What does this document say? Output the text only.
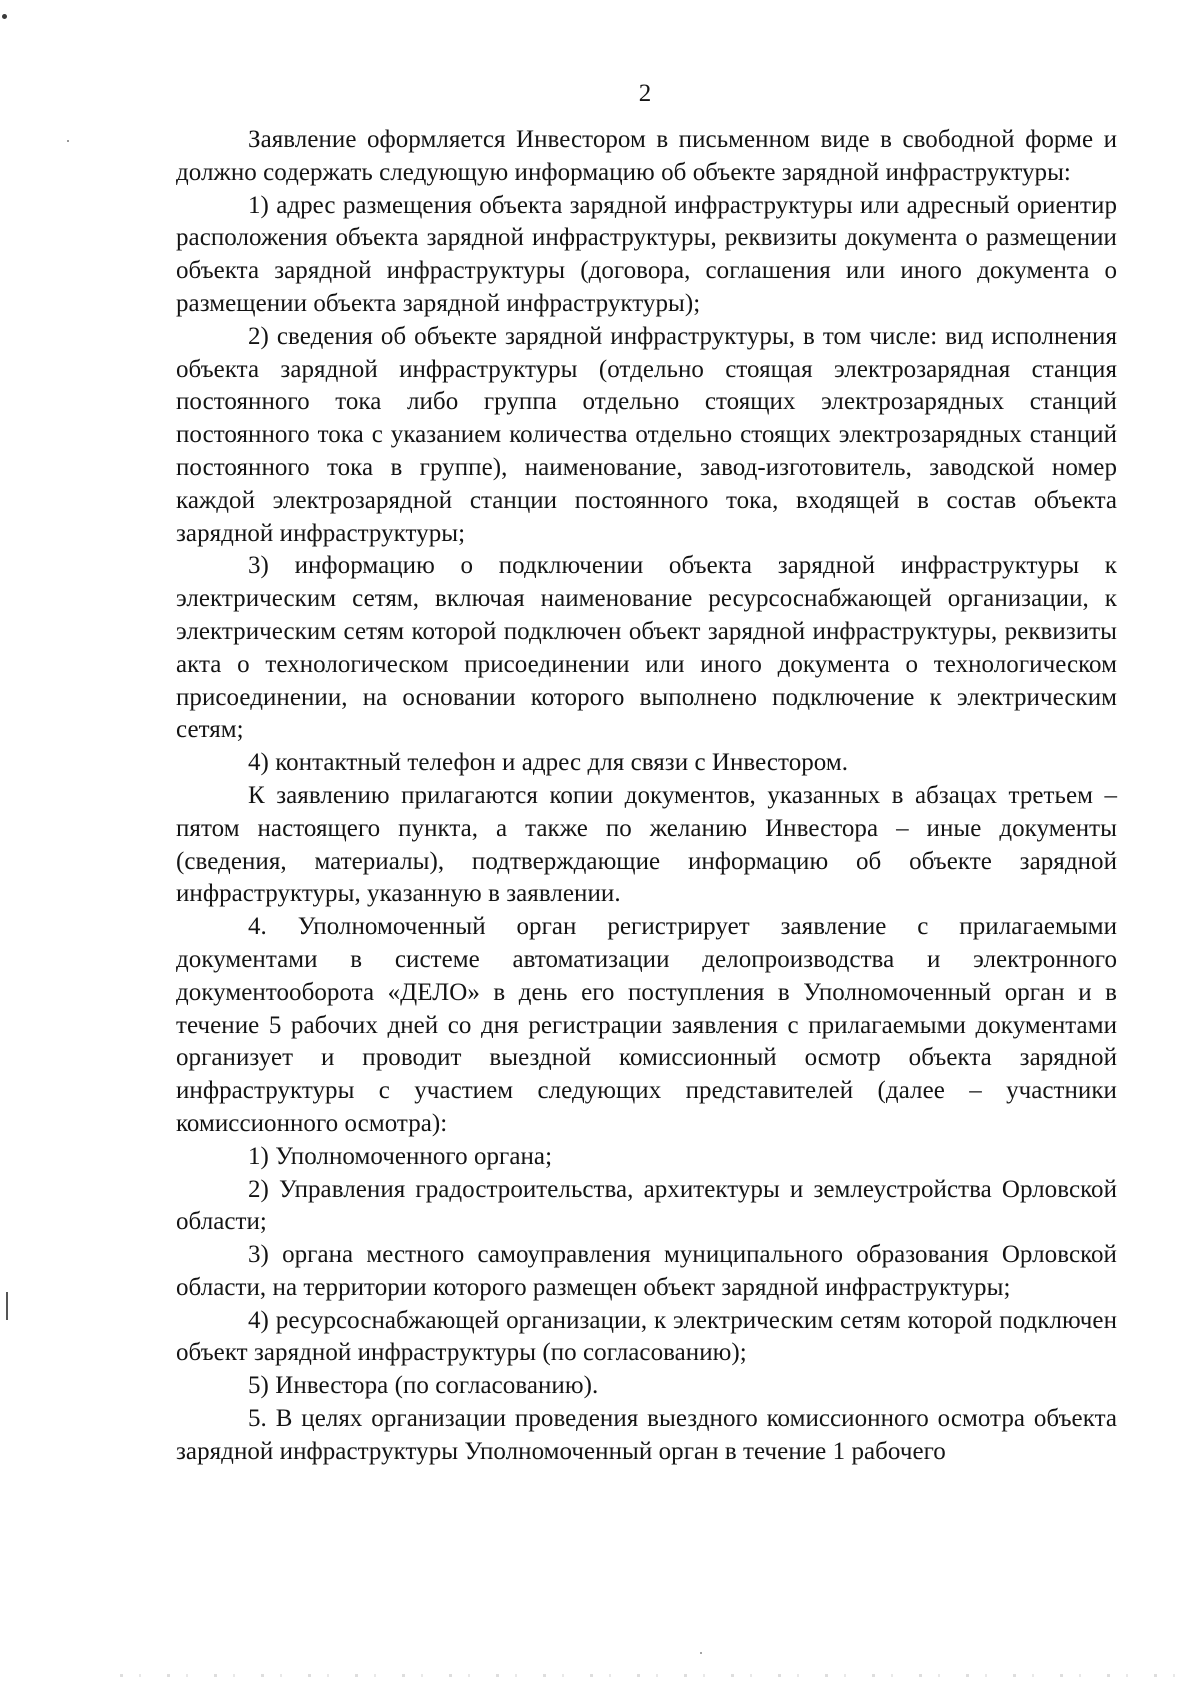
2

Заявление оформляется Инвестором в письменном виде в свободной форме и должно содержать следующую информацию об объекте зарядной инфраструктуры:

1) адрес размещения объекта зарядной инфраструктуры или адресный ориентир расположения объекта зарядной инфраструктуры, реквизиты документа о размещении объекта зарядной инфраструктуры (договора, соглашения или иного документа о размещении объекта зарядной инфраструктуры);

2) сведения об объекте зарядной инфраструктуры, в том числе: вид исполнения объекта зарядной инфраструктуры (отдельно стоящая электрозарядная станция постоянного тока либо группа отдельно стоящих электрозарядных станций постоянного тока с указанием количества отдельно стоящих электрозарядных станций постоянного тока в группе), наименование, завод-изготовитель, заводской номер каждой электрозарядной станции постоянного тока, входящей в состав объекта зарядной инфраструктуры;

3) информацию о подключении объекта зарядной инфраструктуры к электрическим сетям, включая наименование ресурсоснабжающей организации, к электрическим сетям которой подключен объект зарядной инфраструктуры, реквизиты акта о технологическом присоединении или иного документа о технологическом присоединении, на основании которого выполнено подключение к электрическим сетям;

4) контактный телефон и адрес для связи с Инвестором.

К заявлению прилагаются копии документов, указанных в абзацах третьем – пятом настоящего пункта, а также по желанию Инвестора – иные документы (сведения, материалы), подтверждающие информацию об объекте зарядной инфраструктуры, указанную в заявлении.

4. Уполномоченный орган регистрирует заявление с прилагаемыми документами в системе автоматизации делопроизводства и электронного документооборота «ДЕЛО» в день его поступления в Уполномоченный орган и в течение 5 рабочих дней со дня регистрации заявления с прилагаемыми документами организует и проводит выездной комиссионный осмотр объекта зарядной инфраструктуры с участием следующих представителей (далее – участники комиссионного осмотра):

1) Уполномоченного органа;

2) Управления градостроительства, архитектуры и землеустройства Орловской области;

3) органа местного самоуправления муниципального образования Орловской области, на территории которого размещен объект зарядной инфраструктуры;

4) ресурсоснабжающей организации, к электрическим сетям которой подключен объект зарядной инфраструктуры (по согласованию);

5) Инвестора (по согласованию).

5. В целях организации проведения выездного комиссионного осмотра объекта зарядной инфраструктуры Уполномоченный орган в течение 1 рабочего
